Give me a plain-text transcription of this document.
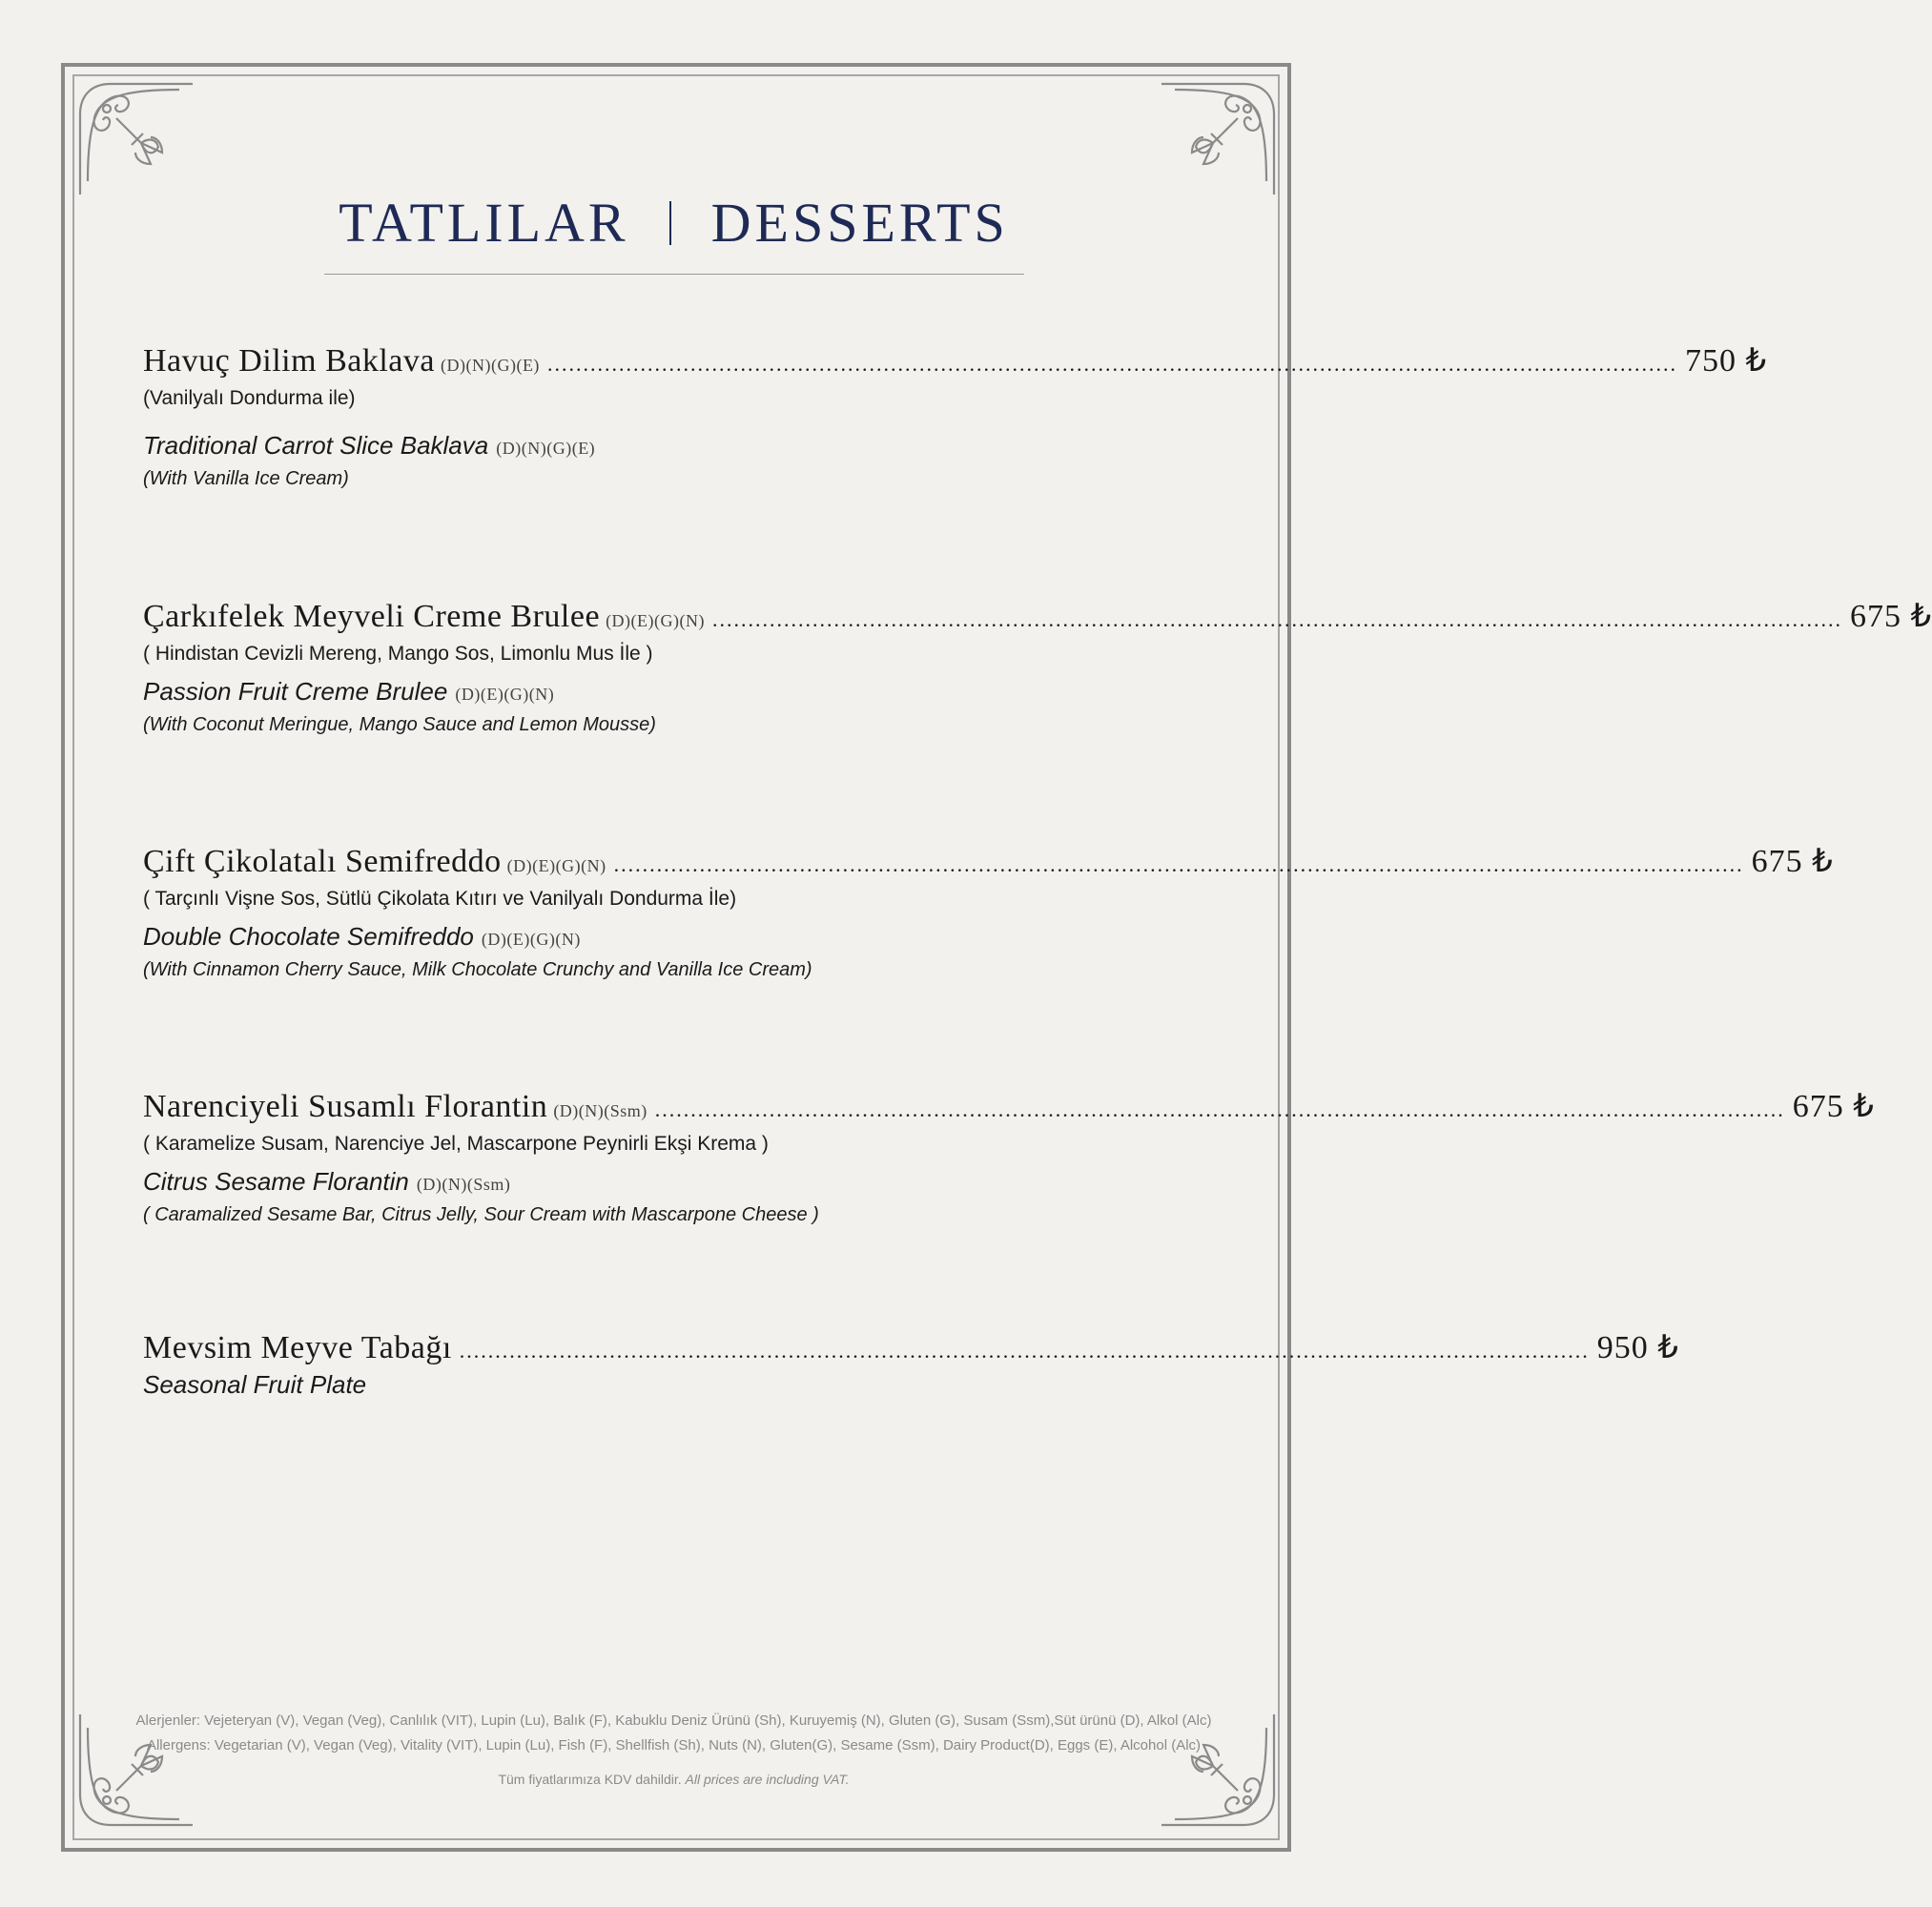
TATLILAR DESSERTS
Havuç Dilim Baklava (D)(N)(G)(E) .............................................................................................................................................................. 750 ₺
(Vanilyalı Dondurma ile)
Traditional Carrot Slice Baklava (D)(N)(G)(E)
(With Vanilla Ice Cream)
Çarkıfelek Meyveli Creme Brulee (D)(E)(G)(N) .............................................................................................................................................................. 675 ₺
( Hindistan Cevizli Mereng, Mango Sos, Limonlu Mus İle )
Passion Fruit Creme Brulee (D)(E)(G)(N)
(With Coconut Meringue, Mango Sauce and Lemon Mousse)
Çift Çikolatalı Semifreddo (D)(E)(G)(N) .............................................................................................................................................................. 675 ₺
( Tarçınlı Vişne Sos, Sütlü Çikolata Kıtırı ve Vanilyalı Dondurma İle)
Double Chocolate Semifreddo (D)(E)(G)(N)
(With Cinnamon Cherry Sauce, Milk Chocolate Crunchy and Vanilla Ice Cream)
Narenciyeli Susamlı Florantin (D)(N)(Ssm) .............................................................................................................................................................. 675 ₺
( Karamelize Susam, Narenciye Jel, Mascarpone Peynirli Ekşi Krema )
Citrus Sesame Florantin (D)(N)(Ssm)
( Caramalized Sesame Bar, Citrus Jelly, Sour Cream with Mascarpone Cheese )
Mevsim Meyve Tabağı .............................................................................................................................................................. 950 ₺
Seasonal Fruit Plate
Alerjenler: Vejeteryan (V), Vegan (Veg), Canlılık (VIT), Lupin (Lu), Balık (F), Kabuklu Deniz Ürünü (Sh), Kuruyemiş (N), Gluten (G), Susam (Ssm),Süt ürünü (D), Alkol (Alc)
Allergens: Vegetarian (V), Vegan (Veg), Vitality (VIT), Lupin (Lu), Fish (F), Shellfish (Sh), Nuts (N), Gluten(G), Sesame (Ssm), Dairy Product(D), Eggs (E), Alcohol (Alc)
Tüm fiyatlarımıza KDV dahildir. All prices are including VAT.
